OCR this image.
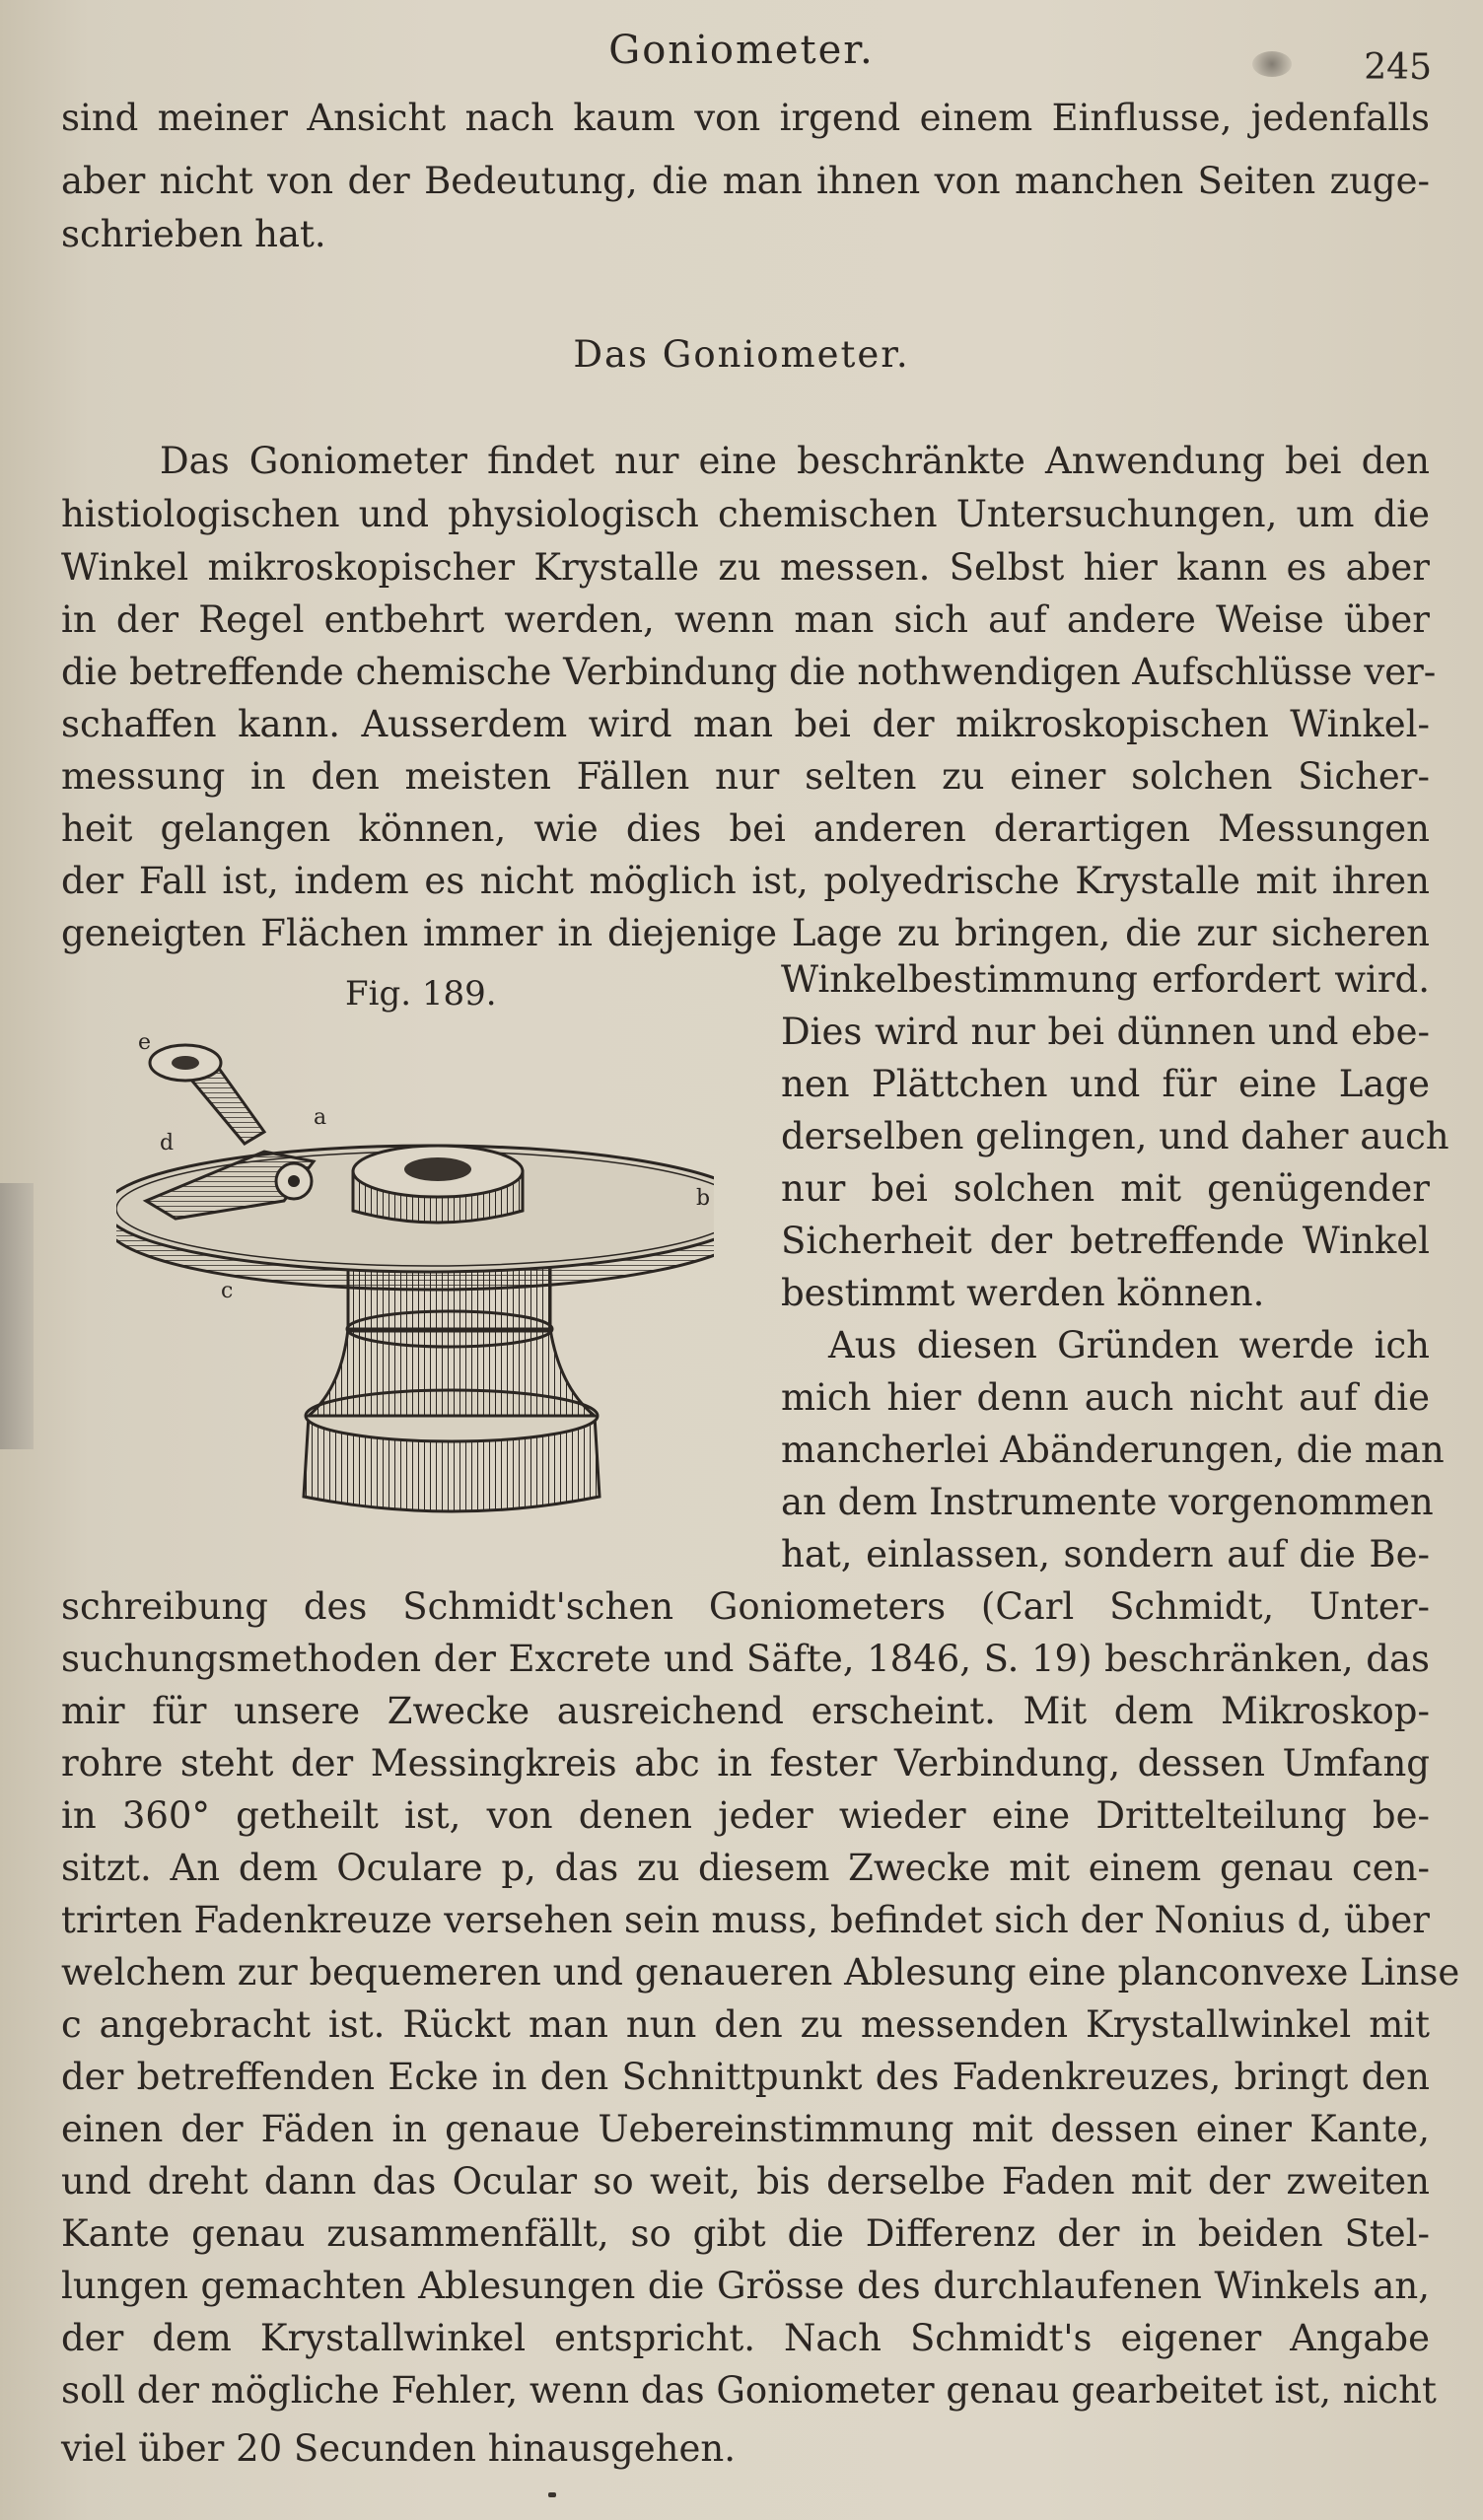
Goniometer.	245
sind meiner Ansicht nach kaum von irgend einem Einflusse, jedenfalls
aber nicht von der Bedeutung, die man ihnen von manchen Seiten zuge-
schrieben hat.
Das Goniometer.
Das Goniometer findet nur eine beschränkte Anwendung bei den
histiologischen und physiologisch chemischen Untersuchungen, um die
Winkel mikroskopischer Krystalle zu messen. Selbst hier kann es aber
in der Regel entbehrt werden, wenn man sich auf andere Weise über
die betreffende chemische Verbindung die nothwendigen Aufschlüsse ver-
schaffen kann. Ausserdem wird man bei der mikroskopischen Winkel-
messung in den meisten Fällen nur selten zu einer solchen Sicher-
heit gelangen können, wie dies bei anderen derartigen Messungen
der Fall ist, indem es nicht möglich ist, polyedrische Krystalle mit ihren
geneigten Flächen immer in diejenige Lage zu bringen, die zur sicheren
Fig. 189.
e
a
d
b
c
Winkelbestimmung erfordert wird.
Dies wird nur bei dünnen und ebe-
nen Plättchen und für eine Lage
derselben gelingen, und daher auch
nur bei solchen mit genügender
Sicherheit der betreffende Winkel
bestimmt werden können.
Aus diesen Gründen werde ich
mich hier denn auch nicht auf die
mancherlei Abänderungen, die man
an dem Instrumente vorgenommen
hat, einlassen, sondern auf die Be-
schreibung des Schmidt'schen Goniometers (Carl Schmidt, Unter-
suchungsmethoden der Excrete und Säfte, 1846, S. 19) beschränken, das
mir für unsere Zwecke ausreichend erscheint. Mit dem Mikroskop-
rohre steht der Messingkreis abc in fester Verbindung, dessen Umfang
in 360° getheilt ist, von denen jeder wieder eine Drittelteilung be-
sitzt. An dem Oculare p, das zu diesem Zwecke mit einem genau cen-
trirten Fadenkreuze versehen sein muss, befindet sich der Nonius d, über
welchem zur bequemeren und genaueren Ablesung eine planconvexe Linse
c angebracht ist. Rückt man nun den zu messenden Krystallwinkel mit
der betreffenden Ecke in den Schnittpunkt des Fadenkreuzes, bringt den
einen der Fäden in genaue Uebereinstimmung mit dessen einer Kante,
und dreht dann das Ocular so weit, bis derselbe Faden mit der zweiten
Kante genau zusammenfällt, so gibt die Differenz der in beiden Stel-
lungen gemachten Ablesungen die Grösse des durchlaufenen Winkels an,
der dem Krystallwinkel entspricht. Nach Schmidt's eigener Angabe
soll der mögliche Fehler, wenn das Goniometer genau gearbeitet ist, nicht
viel über 20 Secunden hinausgehen.
